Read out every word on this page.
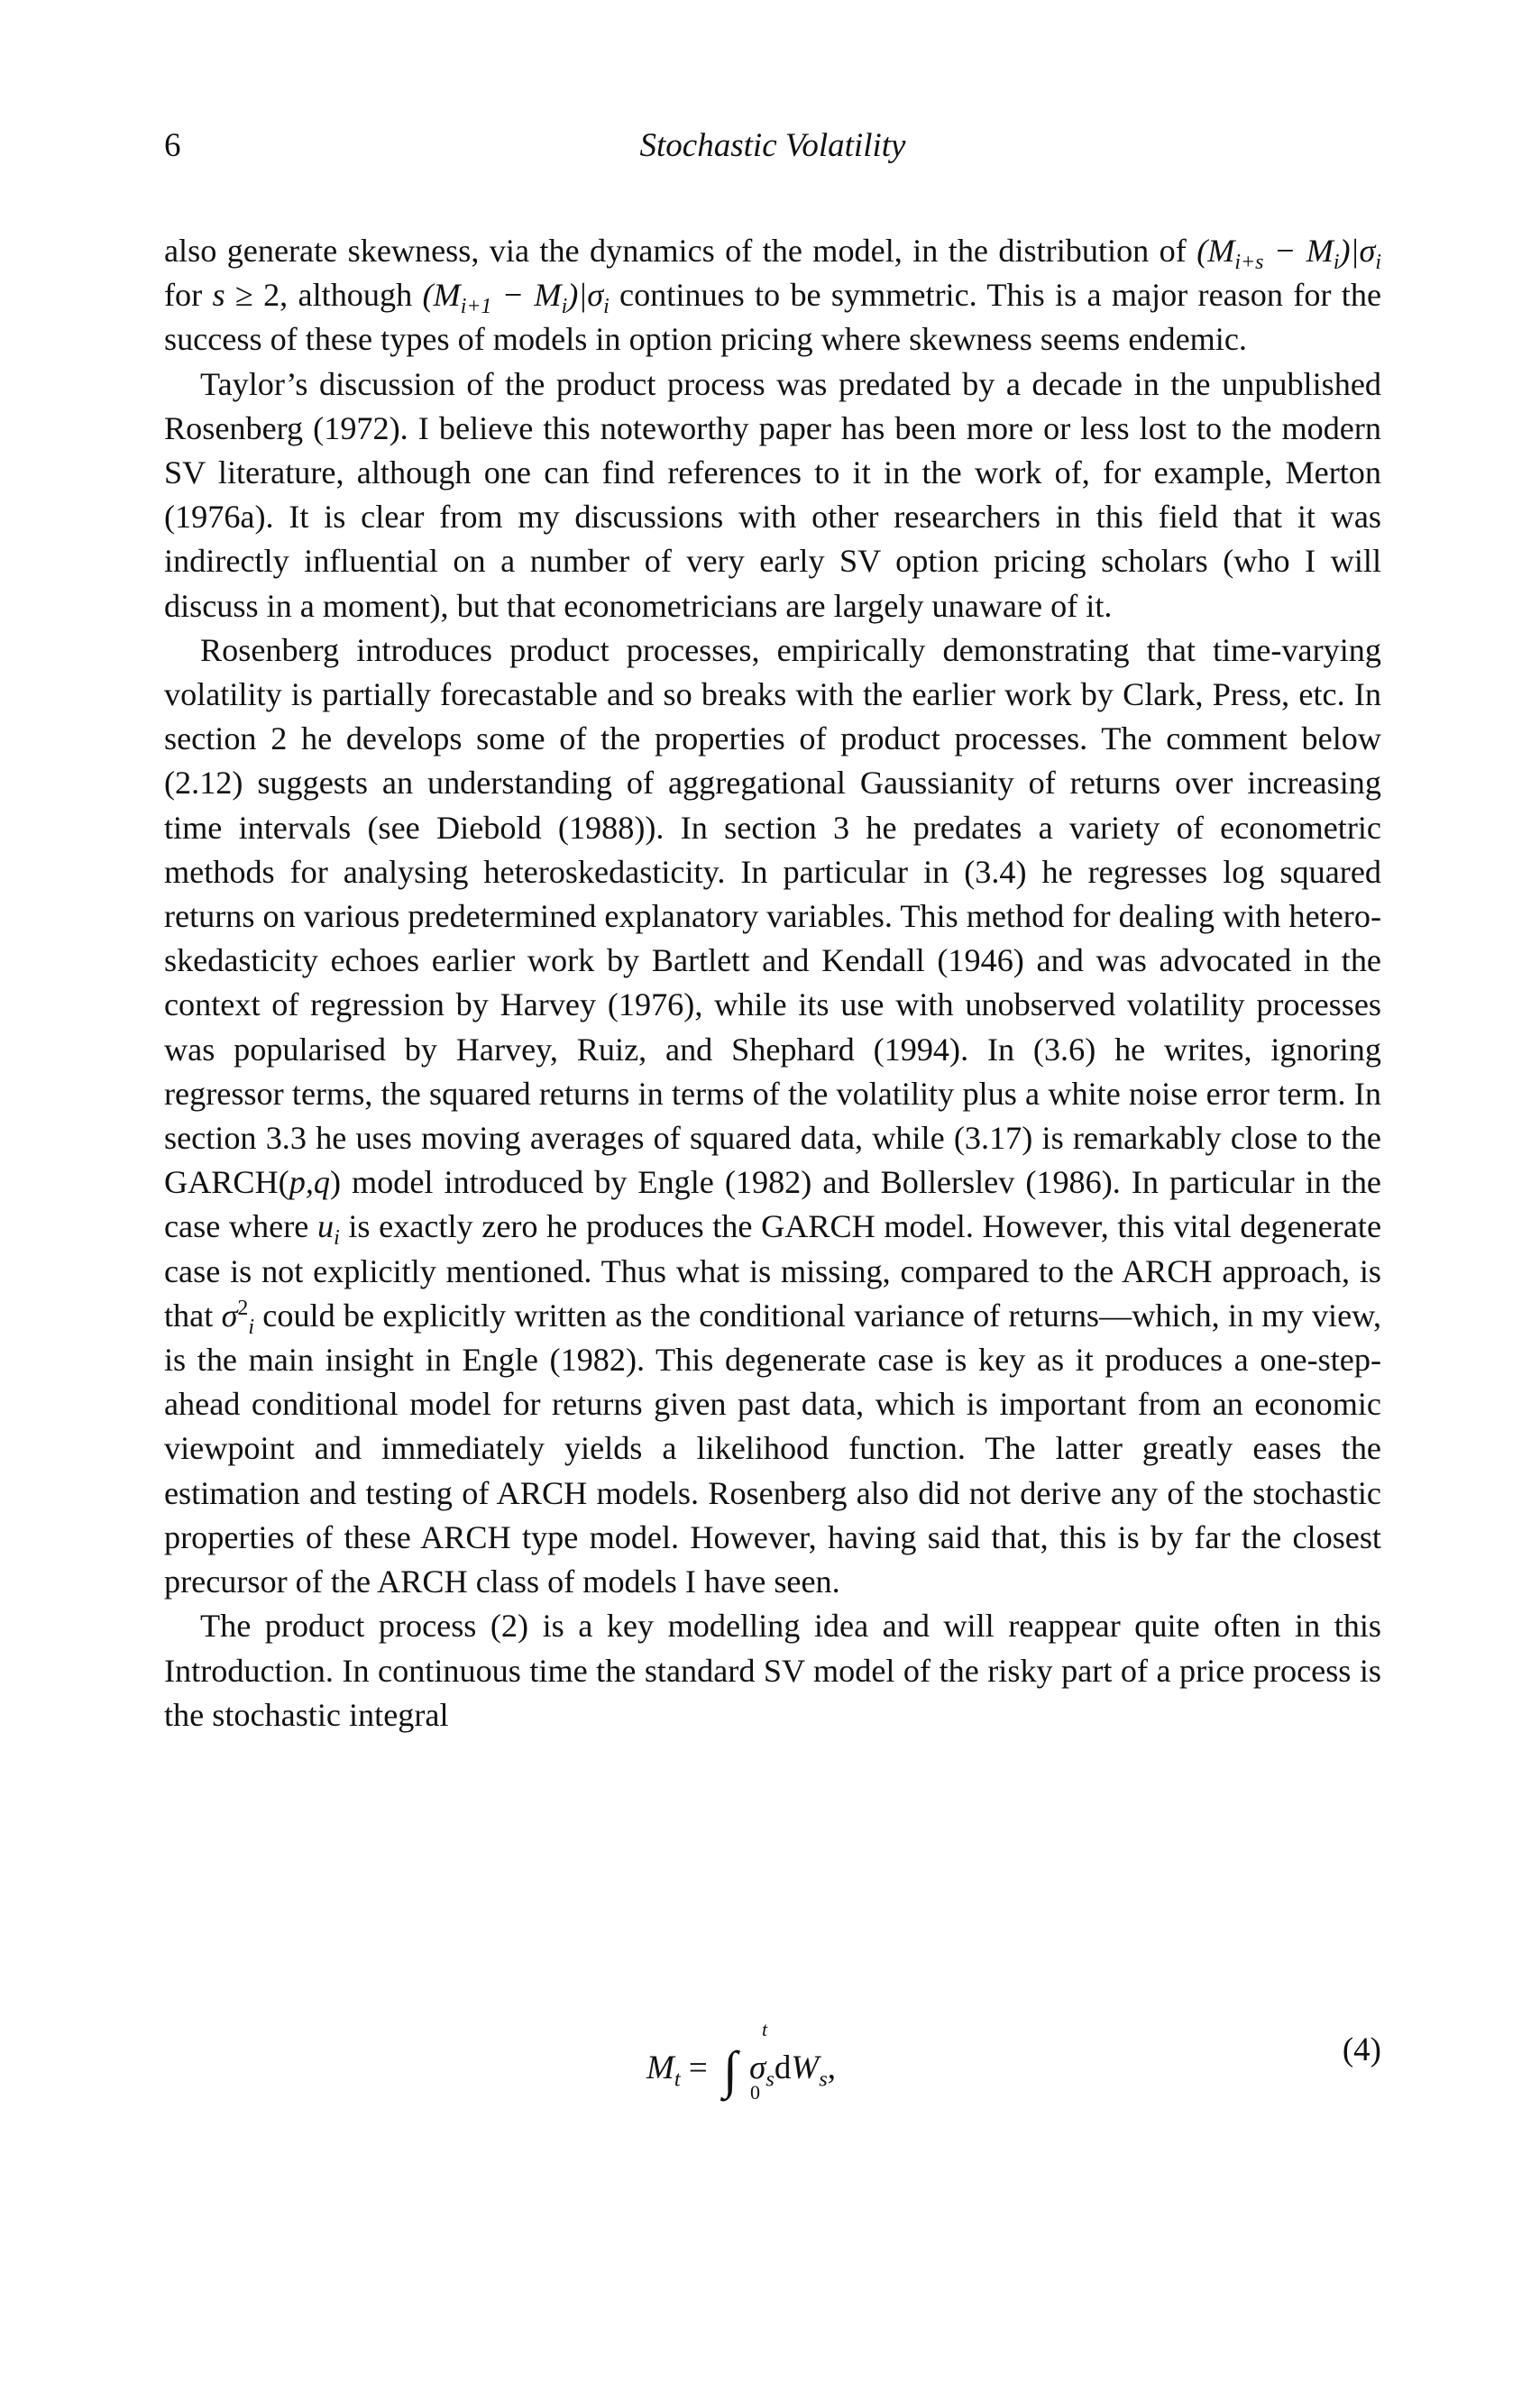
6	Stochastic Volatility

also generate skewness, via the dynamics of the model, in the distribution of $(M_{i+s} - M_i)|\sigma_i$ for s ≥ 2, although $(M_{i+1} - M_i)|\sigma_i$ continues to be symmetric. This is a major reason for the success of these types of models in option pricing where skewness seems endemic.

Taylor’s discussion of the product process was predated by a decade in the unpublished Rosenberg (1972). I believe this noteworthy paper has been more or less lost to the modern SV literature, although one can find references to it in the work of, for example, Merton (1976a). It is clear from my discussions with other researchers in this field that it was indirectly influential on a number of very early SV option pricing scholars (who I will discuss in a moment), but that econometricians are largely unaware of it.

Rosenberg introduces product processes, empirically demonstrating that time-varying volatility is partially forecastable and so breaks with the earlier work by Clark, Press, etc. In section 2 he develops some of the properties of product processes. The comment below (2.12) suggests an understanding of aggregational Gaussianity of returns over increasing time intervals (see Diebold (1988)). In section 3 he predates a variety of econometric methods for analysing heteroskedasticity. In particular in (3.4) he regresses log squared returns on various predetermined explanatory variables. This method for dealing with heteroskedasticity echoes earlier work by Bartlett and Kendall (1946) and was advocated in the context of regression by Harvey (1976), while its use with unobserved volatility processes was popularised by Harvey, Ruiz, and Shephard (1994). In (3.6) he writes, ignoring regressor terms, the squared returns in terms of the volatility plus a white noise error term. In section 3.3 he uses moving averages of squared data, while (3.17) is remarkably close to the GARCH(p,q) model introduced by Engle (1982) and Bollerslev (1986). In particular in the case where $u_i$ is exactly zero he produces the GARCH model. However, this vital degenerate case is not explicitly mentioned. Thus what is missing, compared to the ARCH approach, is that $\sigma^2_i$ could be explicitly written as the conditional variance of returns—which, in my view, is the main insight in Engle (1982). This degenerate case is key as it produces a one-step-ahead conditional model for returns given past data, which is important from an economic viewpoint and immediately yields a likelihood function. The latter greatly eases the estimation and testing of ARCH models. Rosenberg also did not derive any of the stochastic properties of these ARCH type model. However, having said that, this is by far the closest precursor of the ARCH class of models I have seen.

The product process (2) is a key modelling idea and will reappear quite often in this Introduction. In continuous time the standard SV model of the risky part of a price process is the stochastic integral

$M_t$ = ∫
t
0
$\sigma_sdW_s$,	(4)
